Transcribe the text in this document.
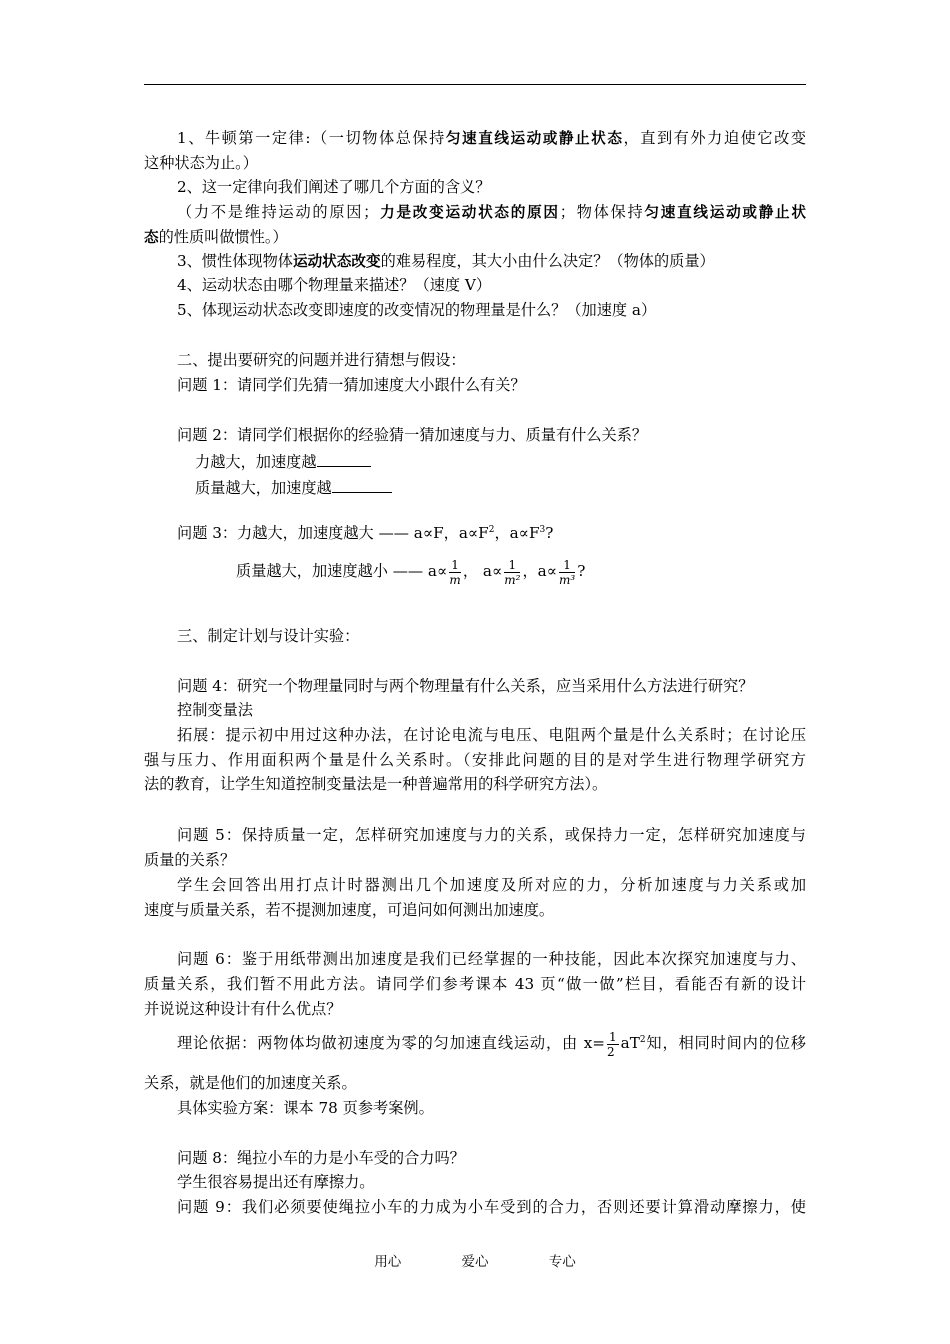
1、牛顿第一定律:（一切物体总保持匀速直线运动或静止状态，直到有外力迫使它改变
这种状态为止。）
2、这一定律向我们阐述了哪几个方面的含义？
（力不是维持运动的原因；力是改变运动状态的原因；物体保持匀速直线运动或静止状
态的性质叫做惯性。）
3、惯性体现物体运动状态改变的难易程度，其大小由什么决定？（物体的质量）
4、运动状态由哪个物理量来描述？（速度 V）
5、体现运动状态改变即速度的改变情况的物理量是什么？（加速度 a）
二、提出要研究的问题并进行猜想与假设：
问题 1：请同学们先猜一猜加速度大小跟什么有关？
问题 2：请同学们根据你的经验猜一猜加速度与力、质量有什么关系？
力越大，加速度越
质量越大，加速度越
问题 3：力越大，加速度越大 —— a∝F，$a\propto F^2$，$a\propto F^3$?
质量越大，加速度越小 —— $a\propto \frac{1}{m}$ ， $a\propto \frac{1}{\text{m²}}$ ，$a\propto \frac{1}{\text{m³}}$ ?
三、制定计划与设计实验：
问题 4：研究一个物理量同时与两个物理量有什么关系，应当采用什么方法进行研究？
控制变量法
拓展：提示初中用过这种办法，在讨论电流与电压、电阻两个量是什么关系时；在讨论压
强与压力、作用面积两个量是什么关系时。（安排此问题的目的是对学生进行物理学研究方
法的教育，让学生知道控制变量法是一种普遍常用的科学研究方法）。
问题 5：保持质量一定，怎样研究加速度与力的关系，或保持力一定，怎样研究加速度与
质量的关系？
学生会回答出用打点计时器测出几个加速度及所对应的力，分析加速度与力关系或加
速度与质量关系，若不提测加速度，可追问如何测出加速度。
问题 6：鉴于用纸带测出加速度是我们已经掌握的一种技能，因此本次探究加速度与力、
质量关系，我们暂不用此方法。请同学们参考课本 43 页“做一做”栏目，看能否有新的设计
并说说这种设计有什么优点？
理论依据：两物体均做初速度为零的匀加速直线运动，由 $x= \frac{1}{2} aT^2$知，相同时间内的位移
关系，就是他们的加速度关系。
具体实验方案：课本 78 页参考案例。
问题 8：绳拉小车的力是小车受的合力吗？
学生很容易提出还有摩擦力。
问题 9：我们必须要使绳拉小车的力成为小车受到的合力，否则还要计算滑动摩擦力，使
用心	爱心	专心
